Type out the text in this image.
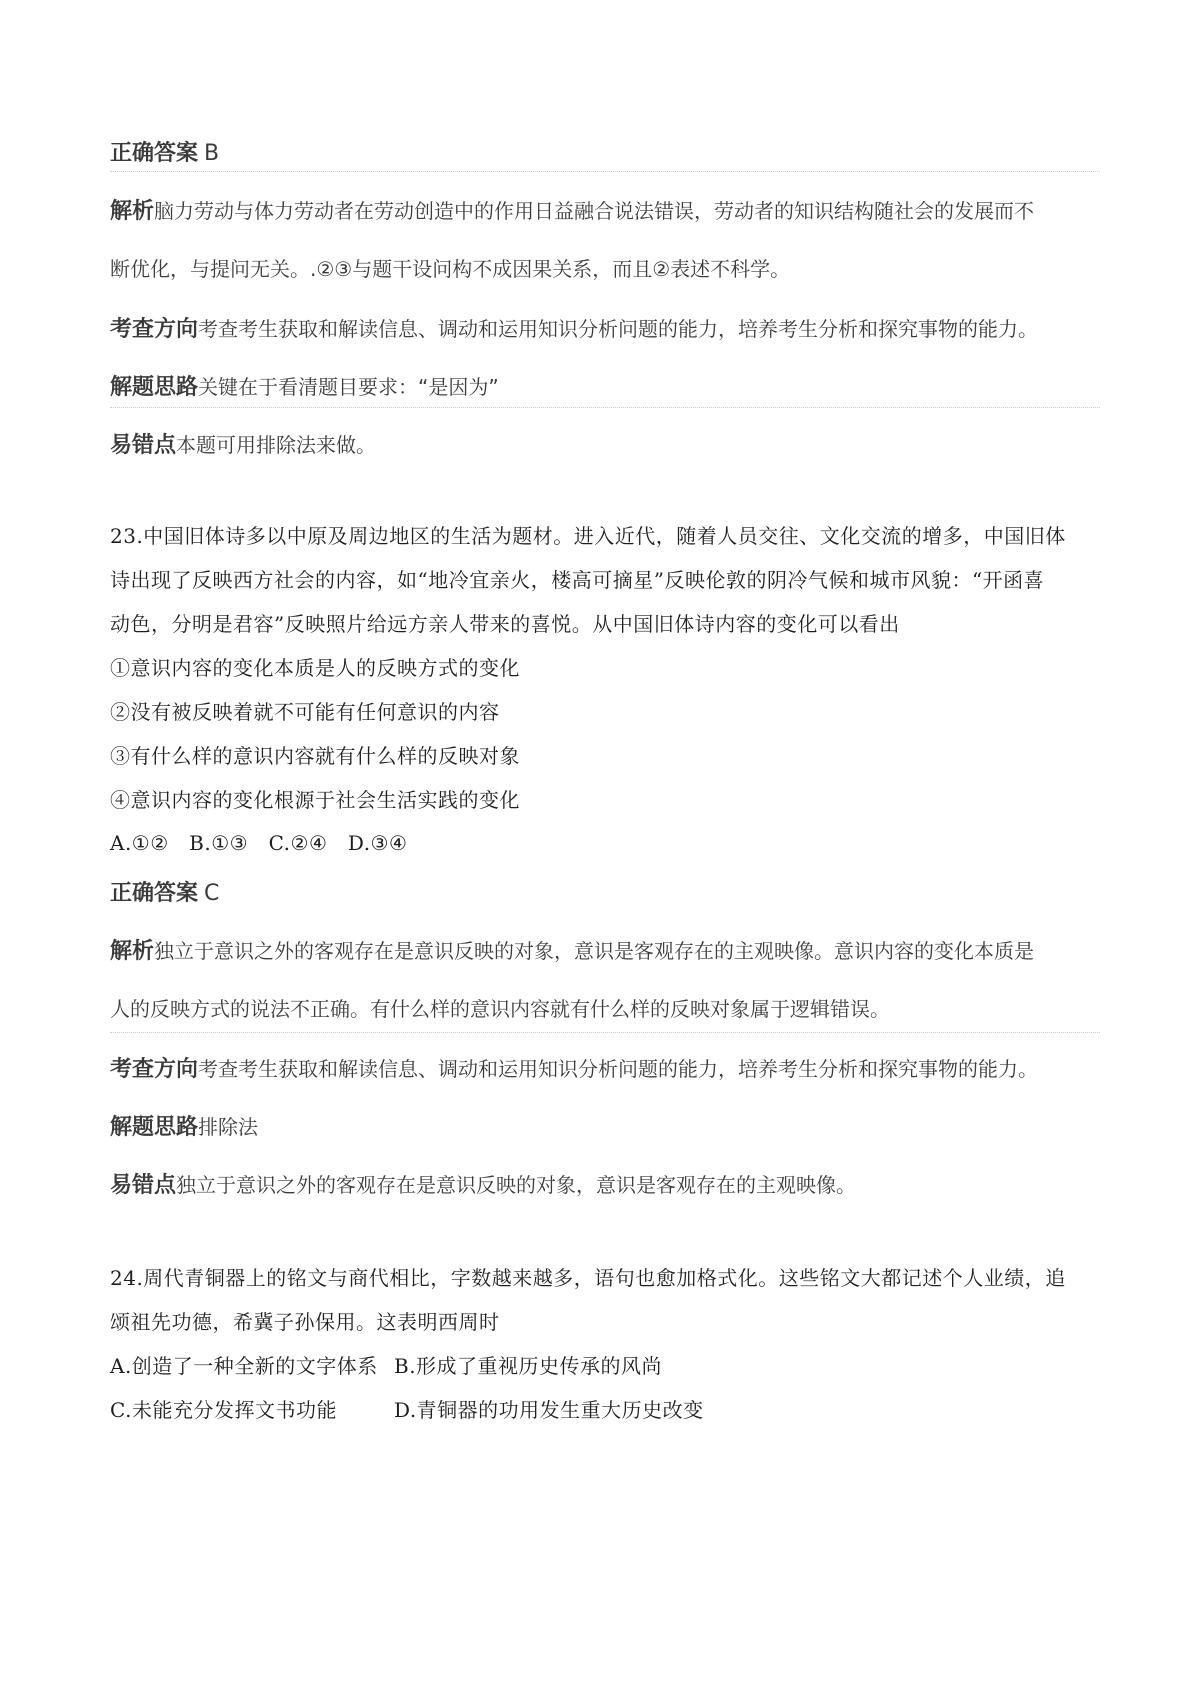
正确答案 B
解析脑力劳动与体力劳动者在劳动创造中的作用日益融合说法错误，劳动者的知识结构随社会的发展而不
断优化，与提问无关。.②③与题干设问构不成因果关系，而且②表述不科学。
考查方向考查考生获取和解读信息、调动和运用知识分析问题的能力，培养考生分析和探究事物的能力。
解题思路关键在于看清题目要求：“是因为”
易错点本题可用排除法来做。
23.中国旧体诗多以中原及周边地区的生活为题材。进入近代，随着人员交往、文化交流的增多，中国旧体
诗出现了反映西方社会的内容，如“地冷宜亲火，楼高可摘星”反映伦敦的阴冷气候和城市风貌：“开函喜
动色，分明是君容”反映照片给远方亲人带来的喜悦。从中国旧体诗内容的变化可以看出
①意识内容的变化本质是人的反映方式的变化
②没有被反映着就不可能有任何意识的内容
③有什么样的意识内容就有什么样的反映对象
④意识内容的变化根源于社会生活实践的变化
A.①②　B.①③　C.②④　D.③④
正确答案 C
解析独立于意识之外的客观存在是意识反映的对象，意识是客观存在的主观映像。意识内容的变化本质是
人的反映方式的说法不正确。有什么样的意识内容就有什么样的反映对象属于逻辑错误。
考查方向考查考生获取和解读信息、调动和运用知识分析问题的能力，培养考生分析和探究事物的能力。
解题思路排除法
易错点独立于意识之外的客观存在是意识反映的对象，意识是客观存在的主观映像。
24.周代青铜器上的铭文与商代相比，字数越来越多，语句也愈加格式化。这些铭文大都记述个人业绩，追
颂祖先功德，希冀子孙保用。这表明西周时
A.创造了一种全新的文字体系 B.形成了重视历史传承的风尚
C.未能充分发挥文书功能	D.青铜器的功用发生重大历史改变
